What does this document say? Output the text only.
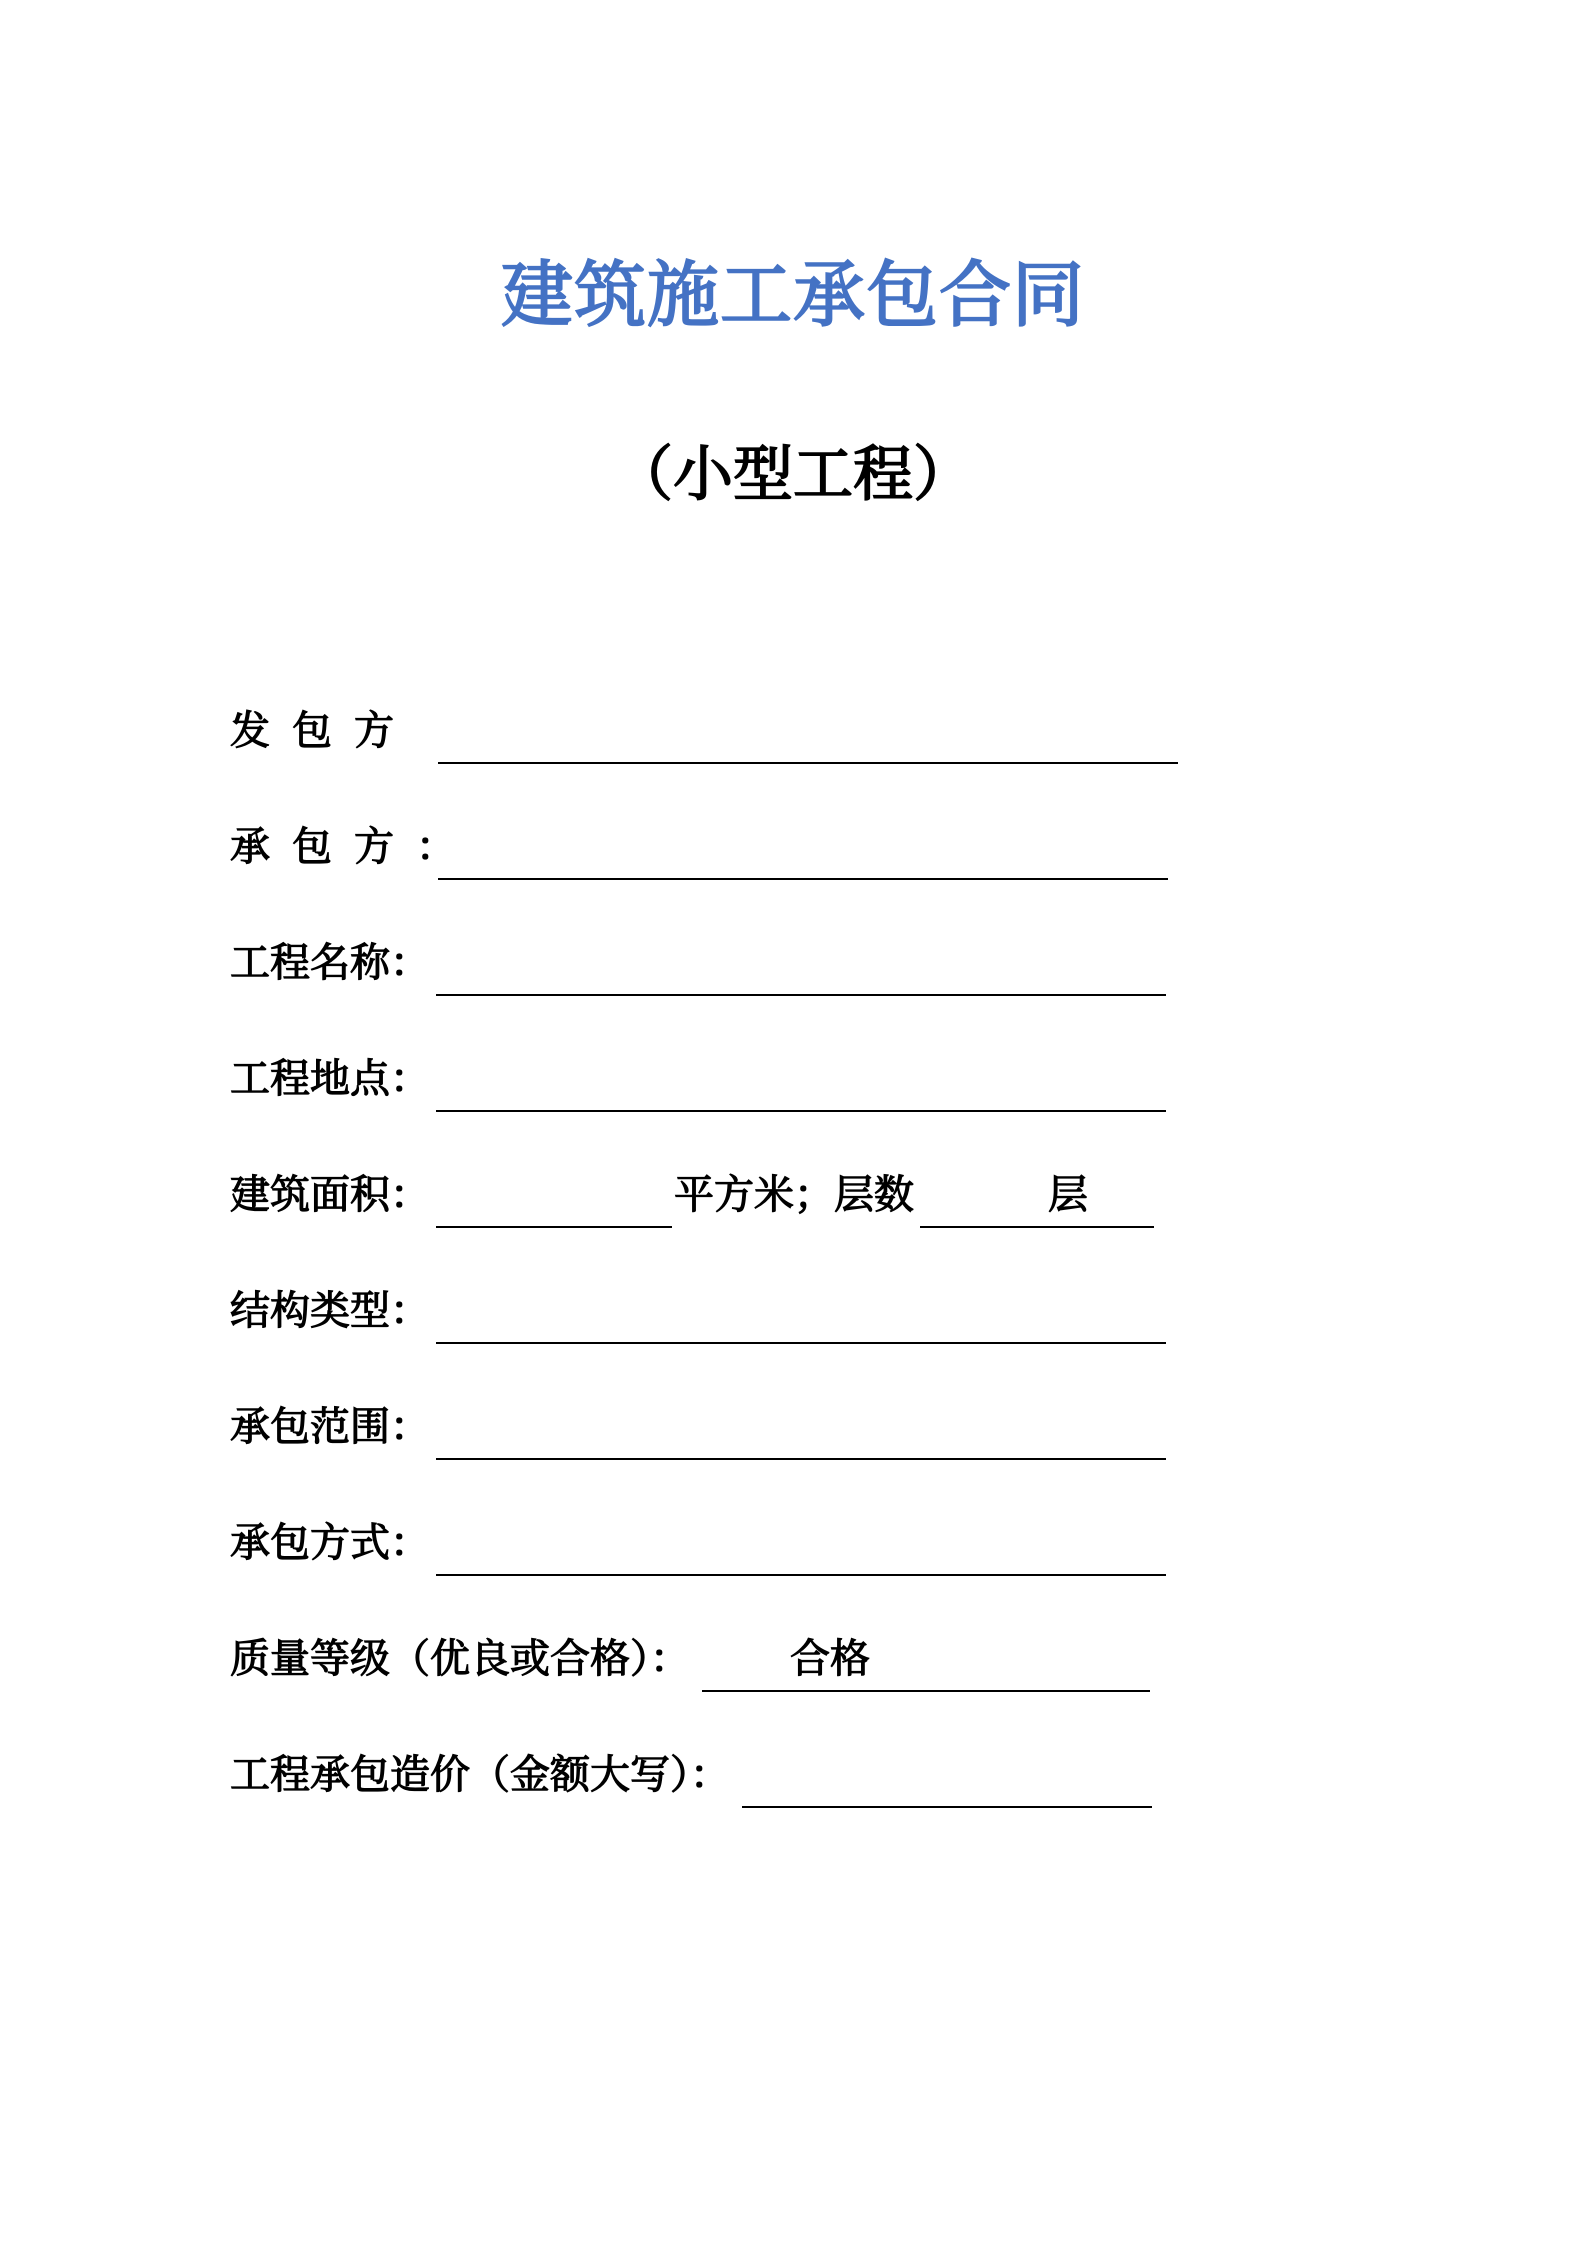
建筑施工承包合同
（小型工程）
发包方
承包方：
工程名称：
工程地点：
建筑面积：	平方米；层数	层
结构类型：
承包范围：
承包方式：
质量等级（优良或合格）：	合格
工程承包造价（金额大写）：
